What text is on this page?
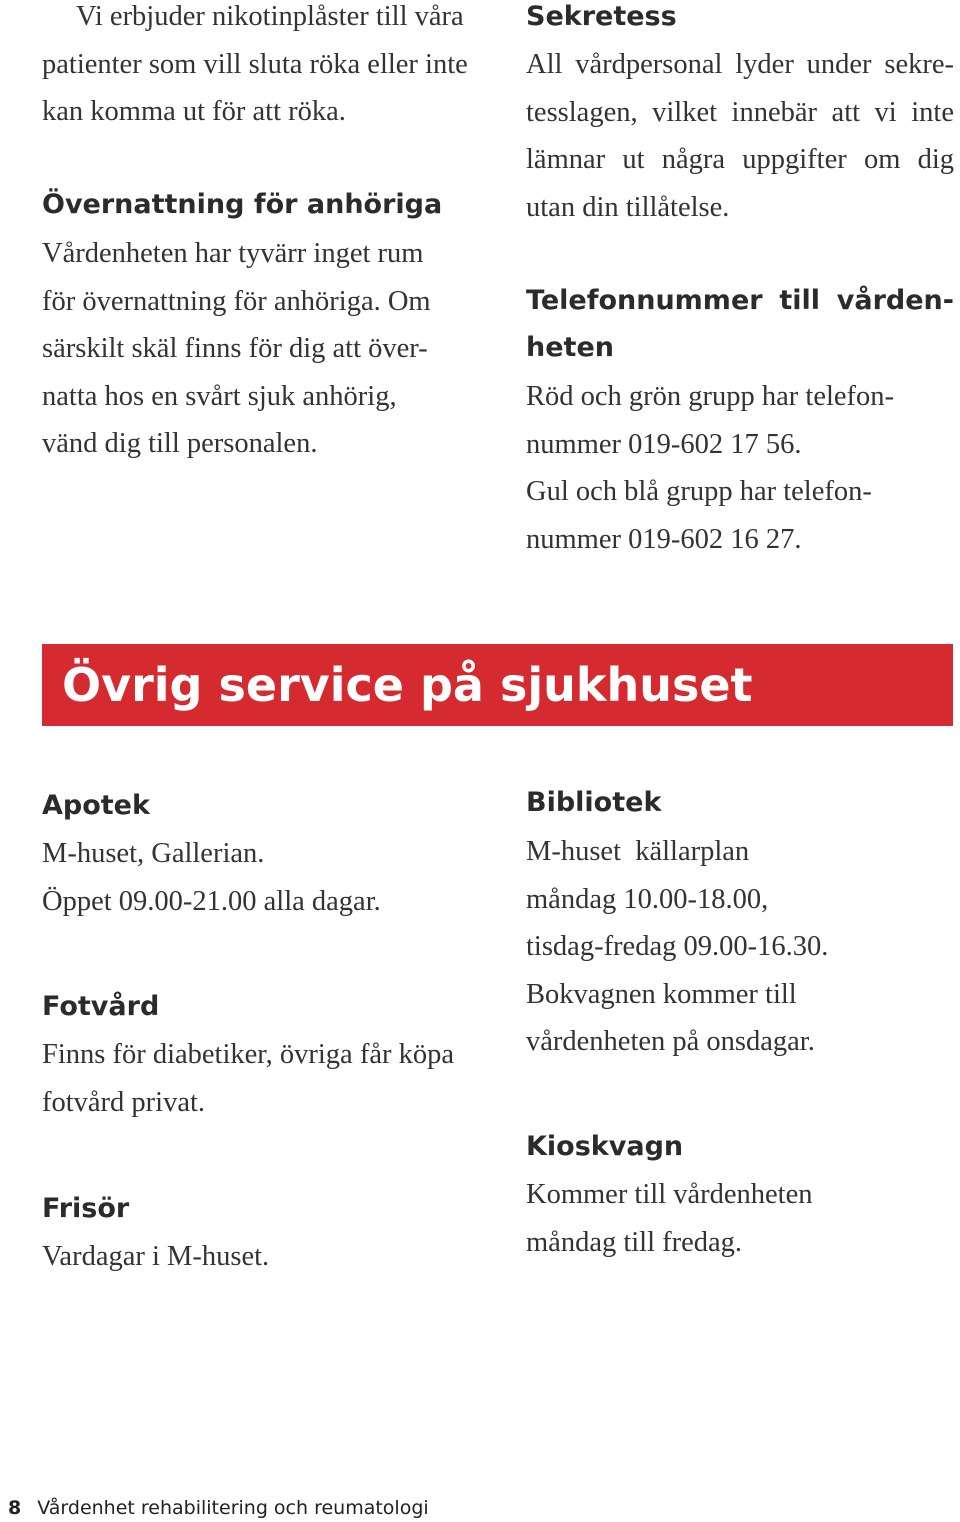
Vi erbjuder nikotinplåster till våra
patienter som vill sluta röka eller inte
kan komma ut för att röka.
Övernattning för anhöriga
Vårdenheten har tyvärr inget rum
för övernattning för anhöriga. Om
särskilt skäl finns för dig att över-
natta hos en svårt sjuk anhörig,
vänd dig till personalen.
Sekretess
All vårdpersonal lyder under sekre-
tesslagen, vilket innebär att vi inte
lämnar ut några uppgifter om dig
utan din tillåtelse.
Telefonnummer till vården-
heten
Röd och grön grupp har telefon-
nummer 019-602 17 56.
Gul och blå grupp har telefon-
nummer 019-602 16 27.
Övrig service på sjukhuset
Apotek
M-huset, Gallerian.
Öppet 09.00-21.00 alla dagar.
Fotvård
Finns för diabetiker, övriga får köpa
fotvård privat.
Frisör
Vardagar i M-huset.
Bibliotek
M-huset  källarplan
måndag 10.00-18.00,
tisdag-fredag 09.00-16.30.
Bokvagnen kommer till
vårdenheten på onsdagar.
Kioskvagn
Kommer till vårdenheten
måndag till fredag.
8 Vårdenhet rehabilitering och reumatologi
